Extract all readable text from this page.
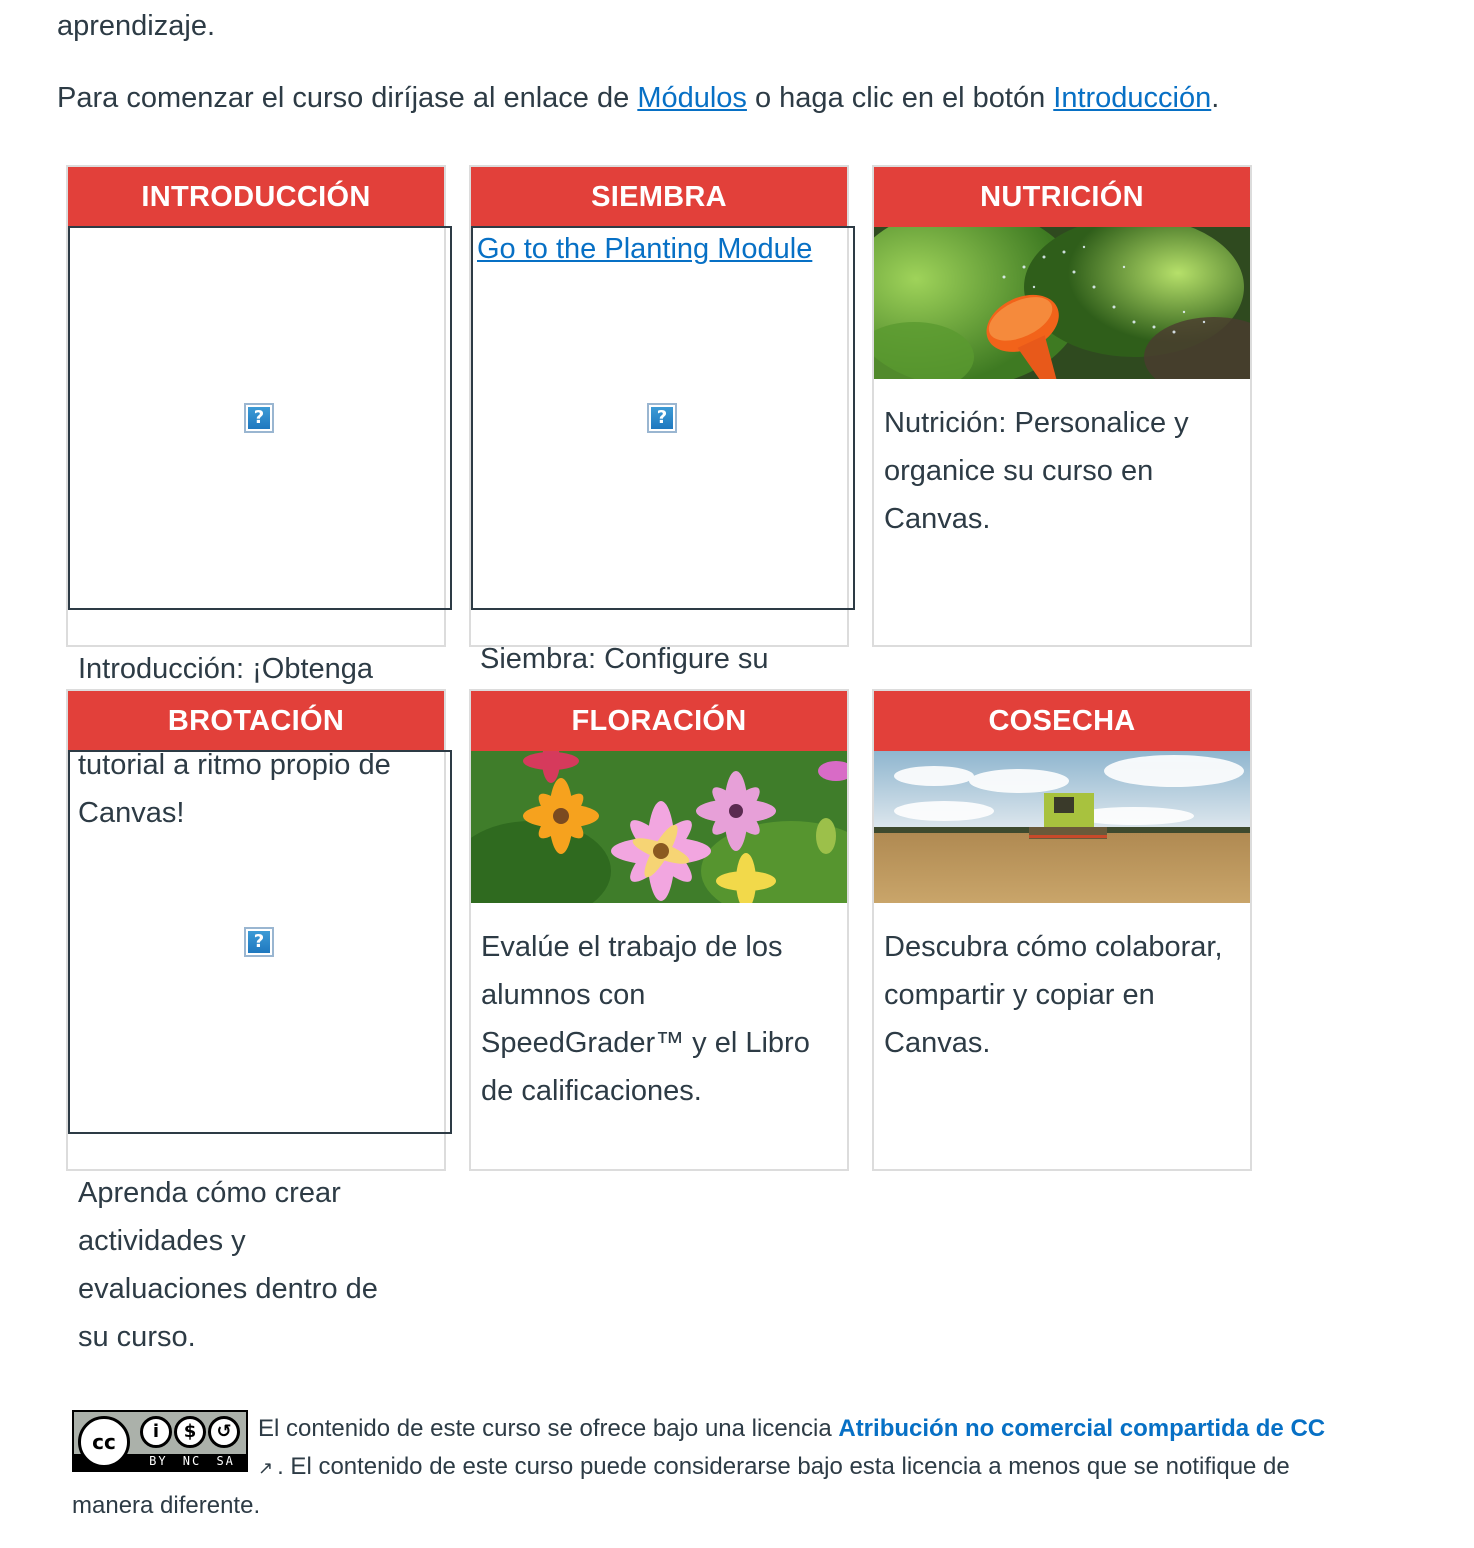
aprendizaje.
Para comenzar el curso diríjase al enlace de Módulos o haga clic en el botón Introducción.
INTRODUCCIÓN	SIEMBRA	NUTRICIÓN
Nutrición: Personalice y organice su curso en Canvas.
?
Introducción: ¡Obtenga
Go to the Planting Module
?
Siembra: Configure su
BROTACIÓN	FLORACIÓN
Evalúe el trabajo de los alumnos con SpeedGrader™ y el Libro de calificaciones.
COSECHA
Descubra cómo colaborar, compartir y copiar en Canvas.
tutorial a ritmo propio de
Canvas!
?
Aprenda cómo crear
actividades y
evaluaciones dentro de
su curso.
cc	i	$	↺
BY NC SA
El contenido de este curso se ofrece bajo una licencia Atribución no comercial compartida de CC
↗ . El contenido de este curso puede considerarse bajo esta licencia a menos que se notifique de manera diferente.
